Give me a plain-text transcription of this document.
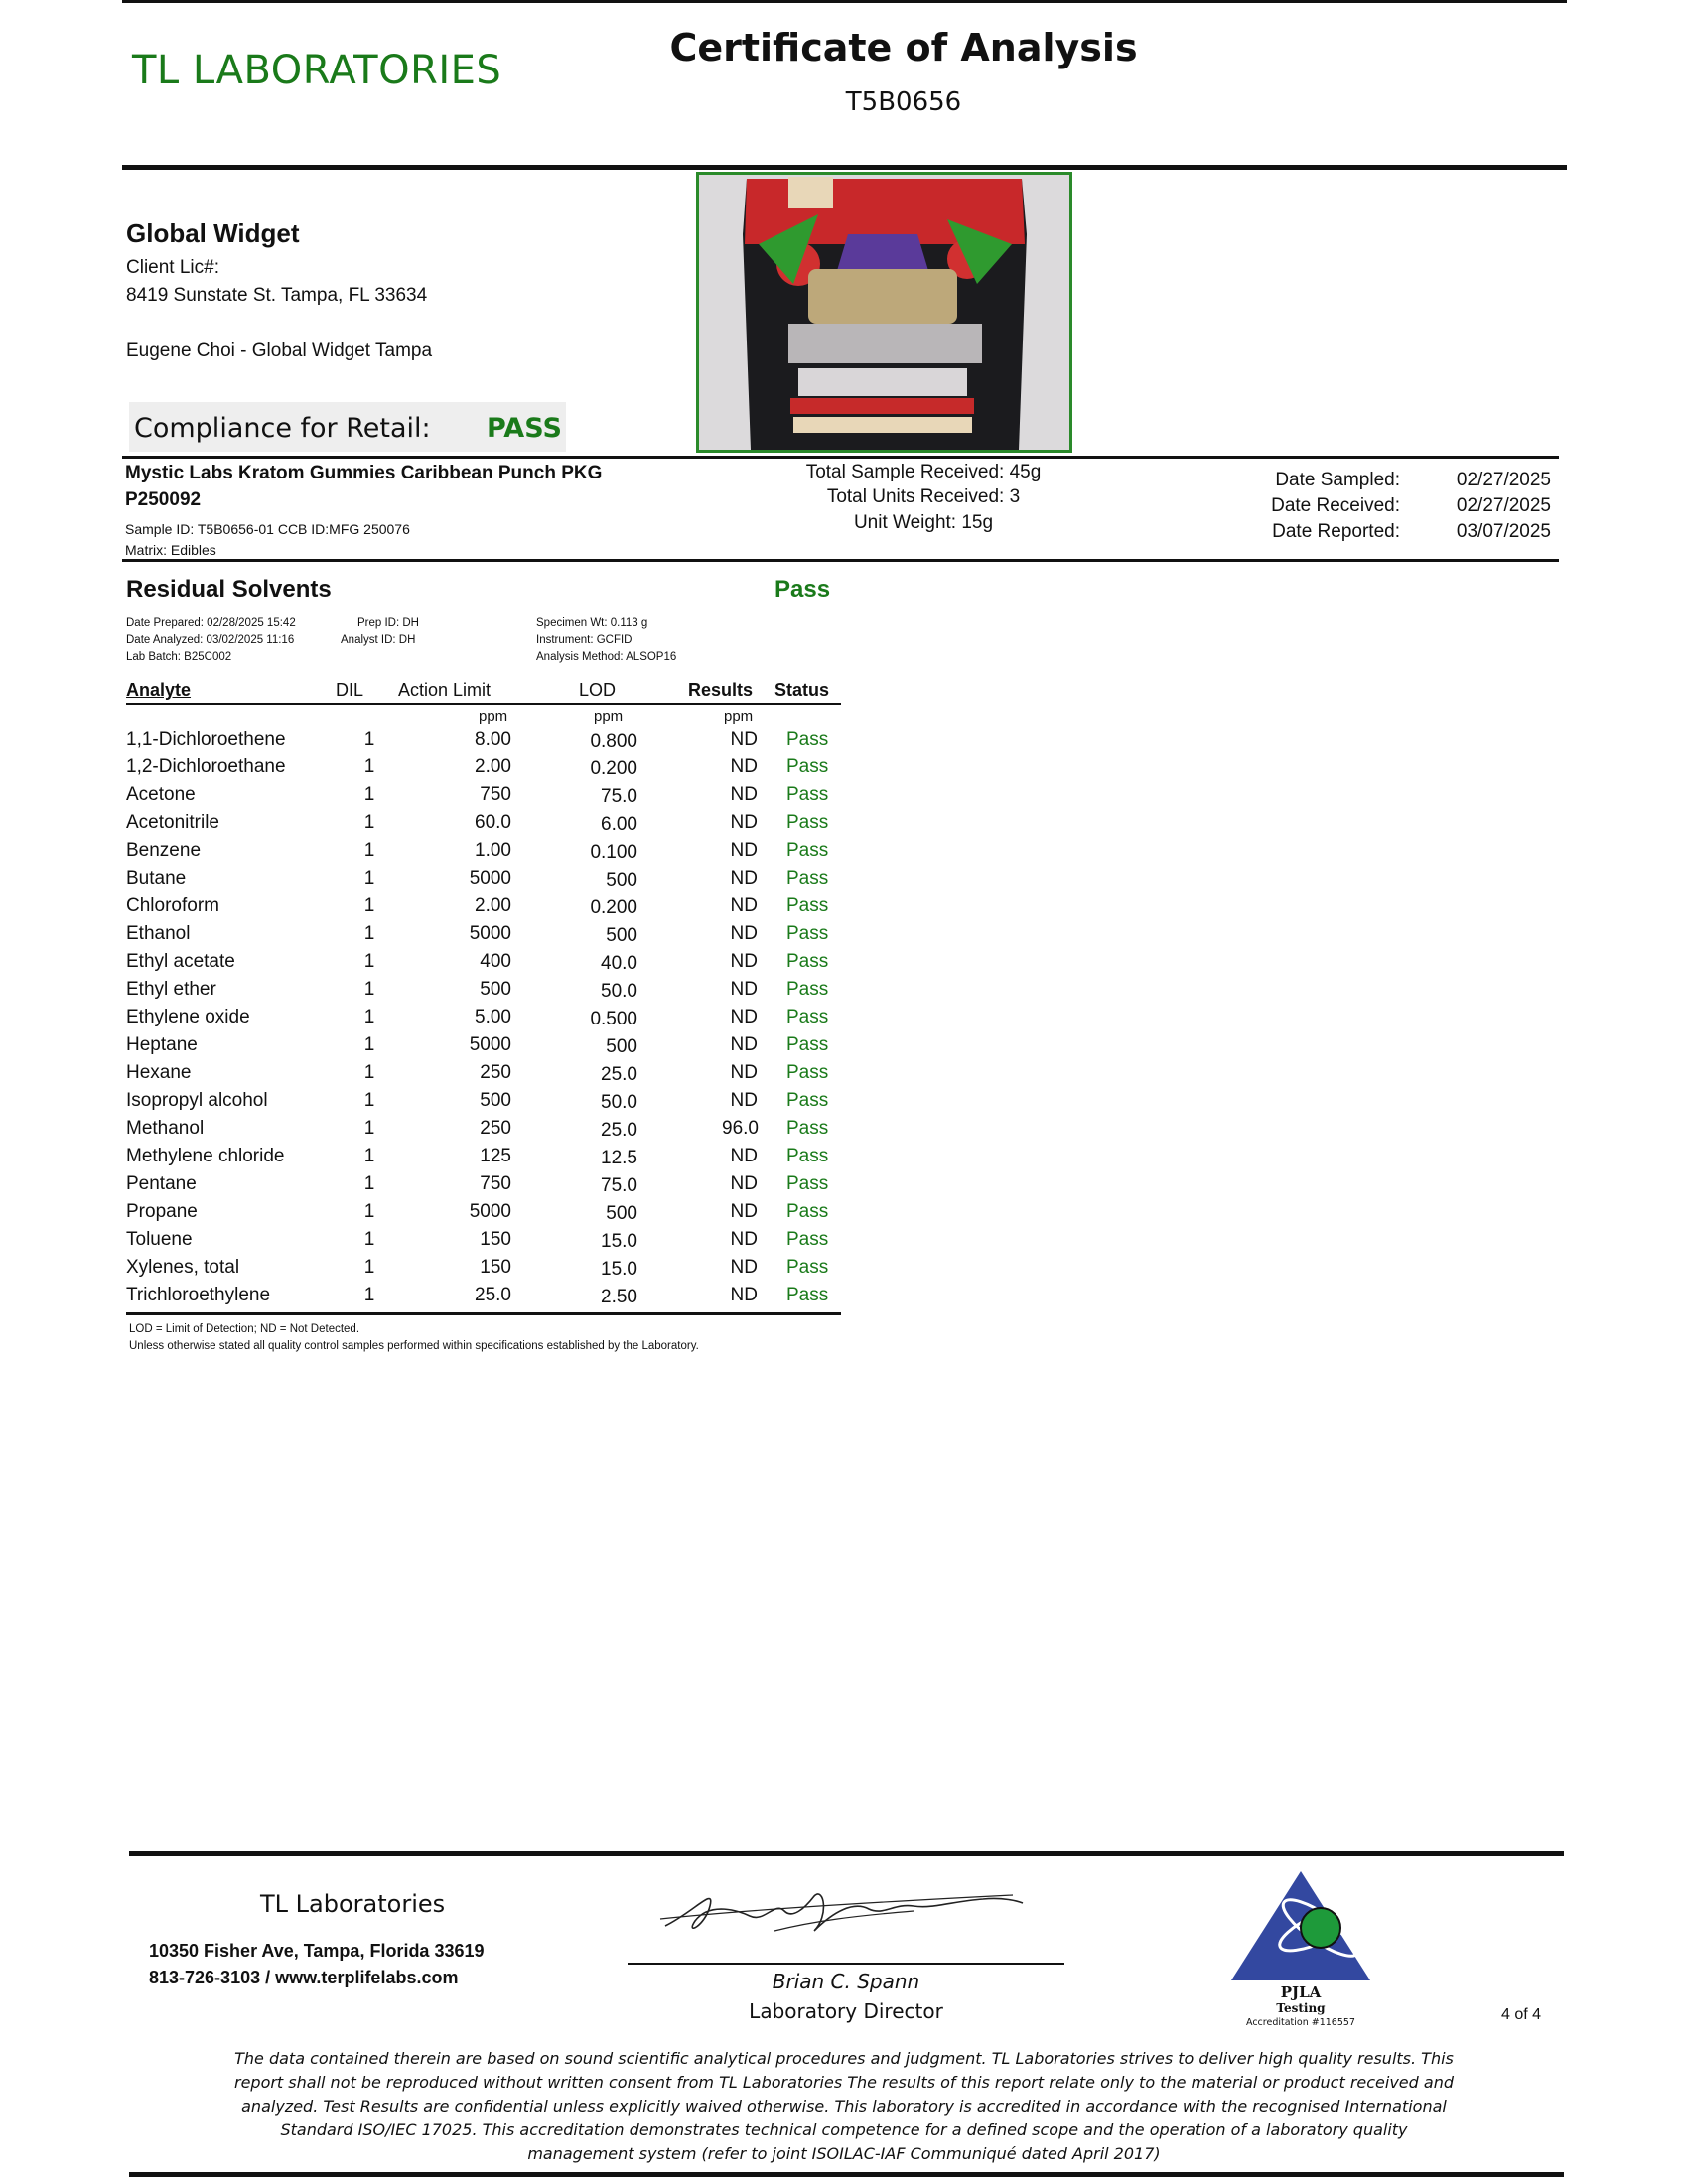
TL LABORATORIES	Certificate of Analysis
T5B0656
Global Widget
Client Lic#:
8419 Sunstate St. Tampa, FL 33634
Eugene Choi - Global Widget Tampa
Compliance for Retail: PASS
Mystic Labs Kratom Gummies Caribbean Punch PKG
P250092
Sample ID: T5B0656-01 CCB ID:MFG 250076
Matrix: Edibles
Total Sample Received: 45g
Total Units Received: 3
Unit Weight: 15g
Date Sampled:	02/27/2025
Date Received:	02/27/2025
Date Reported:	03/07/2025
Residual Solvents	Pass
Date Prepared: 02/28/2025 15:42
Date Analyzed: 03/02/2025 11:16
Lab Batch: B25C002
Prep ID: DH
Analyst ID: DH
Specimen Wt: 0.113 g
Instrument: GCFID
Analysis Method: ALSOP16
Analyte	DIL Action Limit	LOD	Results Status
ppm	ppm	ppm
1,1-Dichloroethene	1	8.00	0.800	ND Pass
1,2-Dichloroethane	1	2.00	0.200	ND Pass
Acetone	1	750	75.0	ND Pass
Acetonitrile	1	60.0	6.00	ND Pass
Benzene	1	1.00	0.100	ND Pass
Butane	1	5000	500	ND Pass
Chloroform	1	2.00	0.200	ND Pass
Ethanol	1	5000	500	ND Pass
Ethyl acetate	1	400	40.0	ND Pass
Ethyl ether	1	500	50.0	ND Pass
Ethylene oxide	1	5.00	0.500	ND Pass
Heptane	1	5000	500	ND Pass
Hexane	1	250	25.0	ND Pass
Isopropyl alcohol	1	500	50.0	ND Pass
Methanol	1	250	25.0	96.0 Pass
Methylene chloride	1	125	12.5	ND Pass
Pentane	1	750	75.0	ND Pass
Propane	1	5000	500	ND Pass
Toluene	1	150	15.0	ND Pass
Xylenes, total	1	150	15.0	ND Pass
Trichloroethylene	1	25.0	2.50	ND Pass
LOD = Limit of Detection; ND = Not Detected.
Unless otherwise stated all quality control samples performed within specifications established by the Laboratory.
TL Laboratories
10350 Fisher Ave, Tampa, Florida 33619
813-726-3103 / www.terplifelabs.com	Brian C. Spann
Laboratory Director
PJLA
Testing
Accreditation #116557	4 of 4
The data contained therein are based on sound scientific analytical procedures and judgment. TL Laboratories strives to deliver high quality results. This report shall not be reproduced without written consent from TL Laboratories The results of this report relate only to the material or product received and analyzed. Test Results are confidential unless explicitly waived otherwise. This laboratory is accredited in accordance with the recognised International Standard ISO/IEC 17025. This accreditation demonstrates technical competence for a defined scope and the operation of a laboratory quality management system (refer to joint ISOILAC-IAF Communiqué dated April 2017)
